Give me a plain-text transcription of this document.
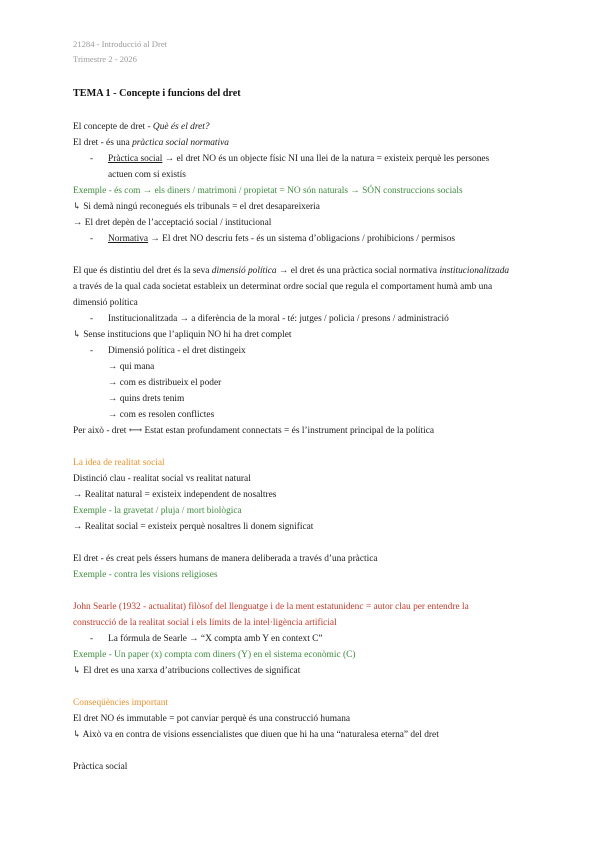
21284 - Introducció al Dret
Trimestre 2 - 2026
TEMA 1 - Concepte i funcions del dret
El concepte de dret - Què és el dret?
El dret - és una pràctica social normativa
- Pràctica social → el dret NO és un objecte físic NI una llei de la natura = existeix perquè les persones
actuen com si existís
Exemple - és com → els diners / matrimoni / propietat = NO són naturals → SÓN construccions socials
↳ Si demà ningú reconegués els tribunals = el dret desapareixeria
→ El dret depèn de l’acceptació social / institucional
- Normativa → El dret NO descriu fets - és un sistema d’obligacions / prohibicions / permisos
El que és distintiu del dret és la seva dimensió política → el dret és una pràctica social normativa institucionalitzada
a través de la qual cada societat estableix un determinat ordre social que regula el comportament humà amb una
dimensió política
- Institucionalitzada → a diferència de la moral - té: jutges / policia / presons / administració
↳ Sense institucions que l’apliquin NO hi ha dret complet
- Dimensió política - el dret distingeix
→ qui mana
→ com es distribueix el poder
→ quins drets tenim
→ com es resolen conflictes
Per això - dret ⟷ Estat estan profundament connectats = és l’instrument principal de la política
La idea de realitat social
Distinció clau - realitat social vs realitat natural
→ Realitat natural = existeix independent de nosaltres
Exemple - la gravetat / pluja / mort biològica
→ Realitat social = existeix perquè nosaltres li donem significat
El dret - és creat pels éssers humans de manera deliberada a través d’una pràctica
Exemple - contra les visions religioses
John Searle (1932 - actualitat) filòsof del llenguatge i de la ment estatunidenc = autor clau per entendre la
construcció de la realitat social i els límits de la intel·ligència artificial
- La fórmula de Searle → “X compta amb Y en context C”
Exemple - Un paper (x) compta com diners (Y) en el sistema econòmic (C)
↳ El dret es una xarxa d’atribucions collectives de significat
Conseqüències important
El dret NO és immutable = pot canviar perquè és una construcció humana
↳ Això va en contra de visions essencialistes que diuen que hi ha una “naturalesa eterna” del dret
Pràctica social
